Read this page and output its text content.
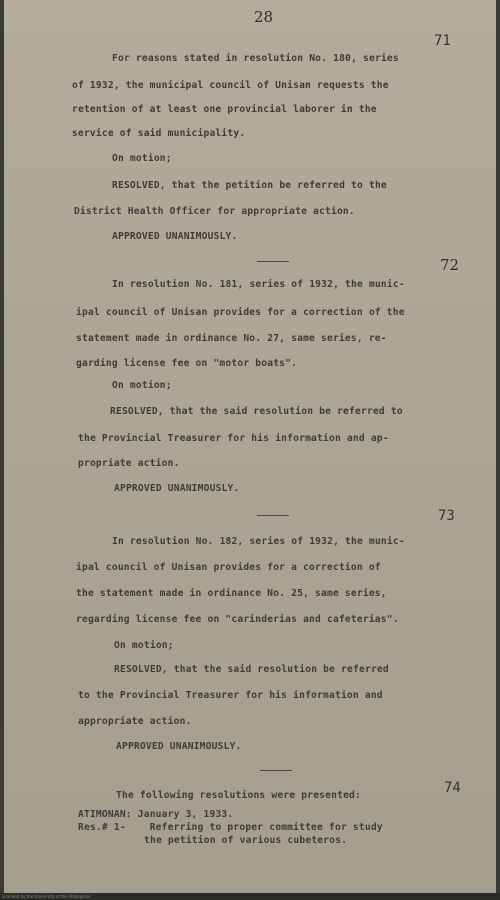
28
71
For reasons stated in resolution No. 180, series
of 1932, the municipal council of Unisan requests the
retention of at least one provincial laborer in the
service of said municipality.
On motion;
RESOLVED, that the petition be referred to the
District Health Officer for appropriate action.
APPROVED UNANIMOUSLY.
72
In resolution No. 181, series of 1932, the munic-
ipal council of Unisan provides for a correction of the
statement made in ordinance No. 27, same series, re-
garding license fee on "motor boats".
On motion;
RESOLVED, that the said resolution be referred to
the Provincial Treasurer for his information and ap-
propriate action.
APPROVED UNANIMOUSLY.
73
In resolution No. 182, series of 1932, the munic-
ipal council of Unisan provides for a correction of
the statement made in ordinance No. 25, same series,
regarding license fee on "carinderias and cafeterias".
On motion;
RESOLVED, that the said resolution be referred
to the Provincial Treasurer for his information and
appropriate action.
APPROVED UNANIMOUSLY.
74
The following resolutions were presented:
ATIMONAN: January 3, 1933.
Res.# 1-    Referring to proper committee for study
the petition of various cubeteros.
Scanned by the University of the Philippines
